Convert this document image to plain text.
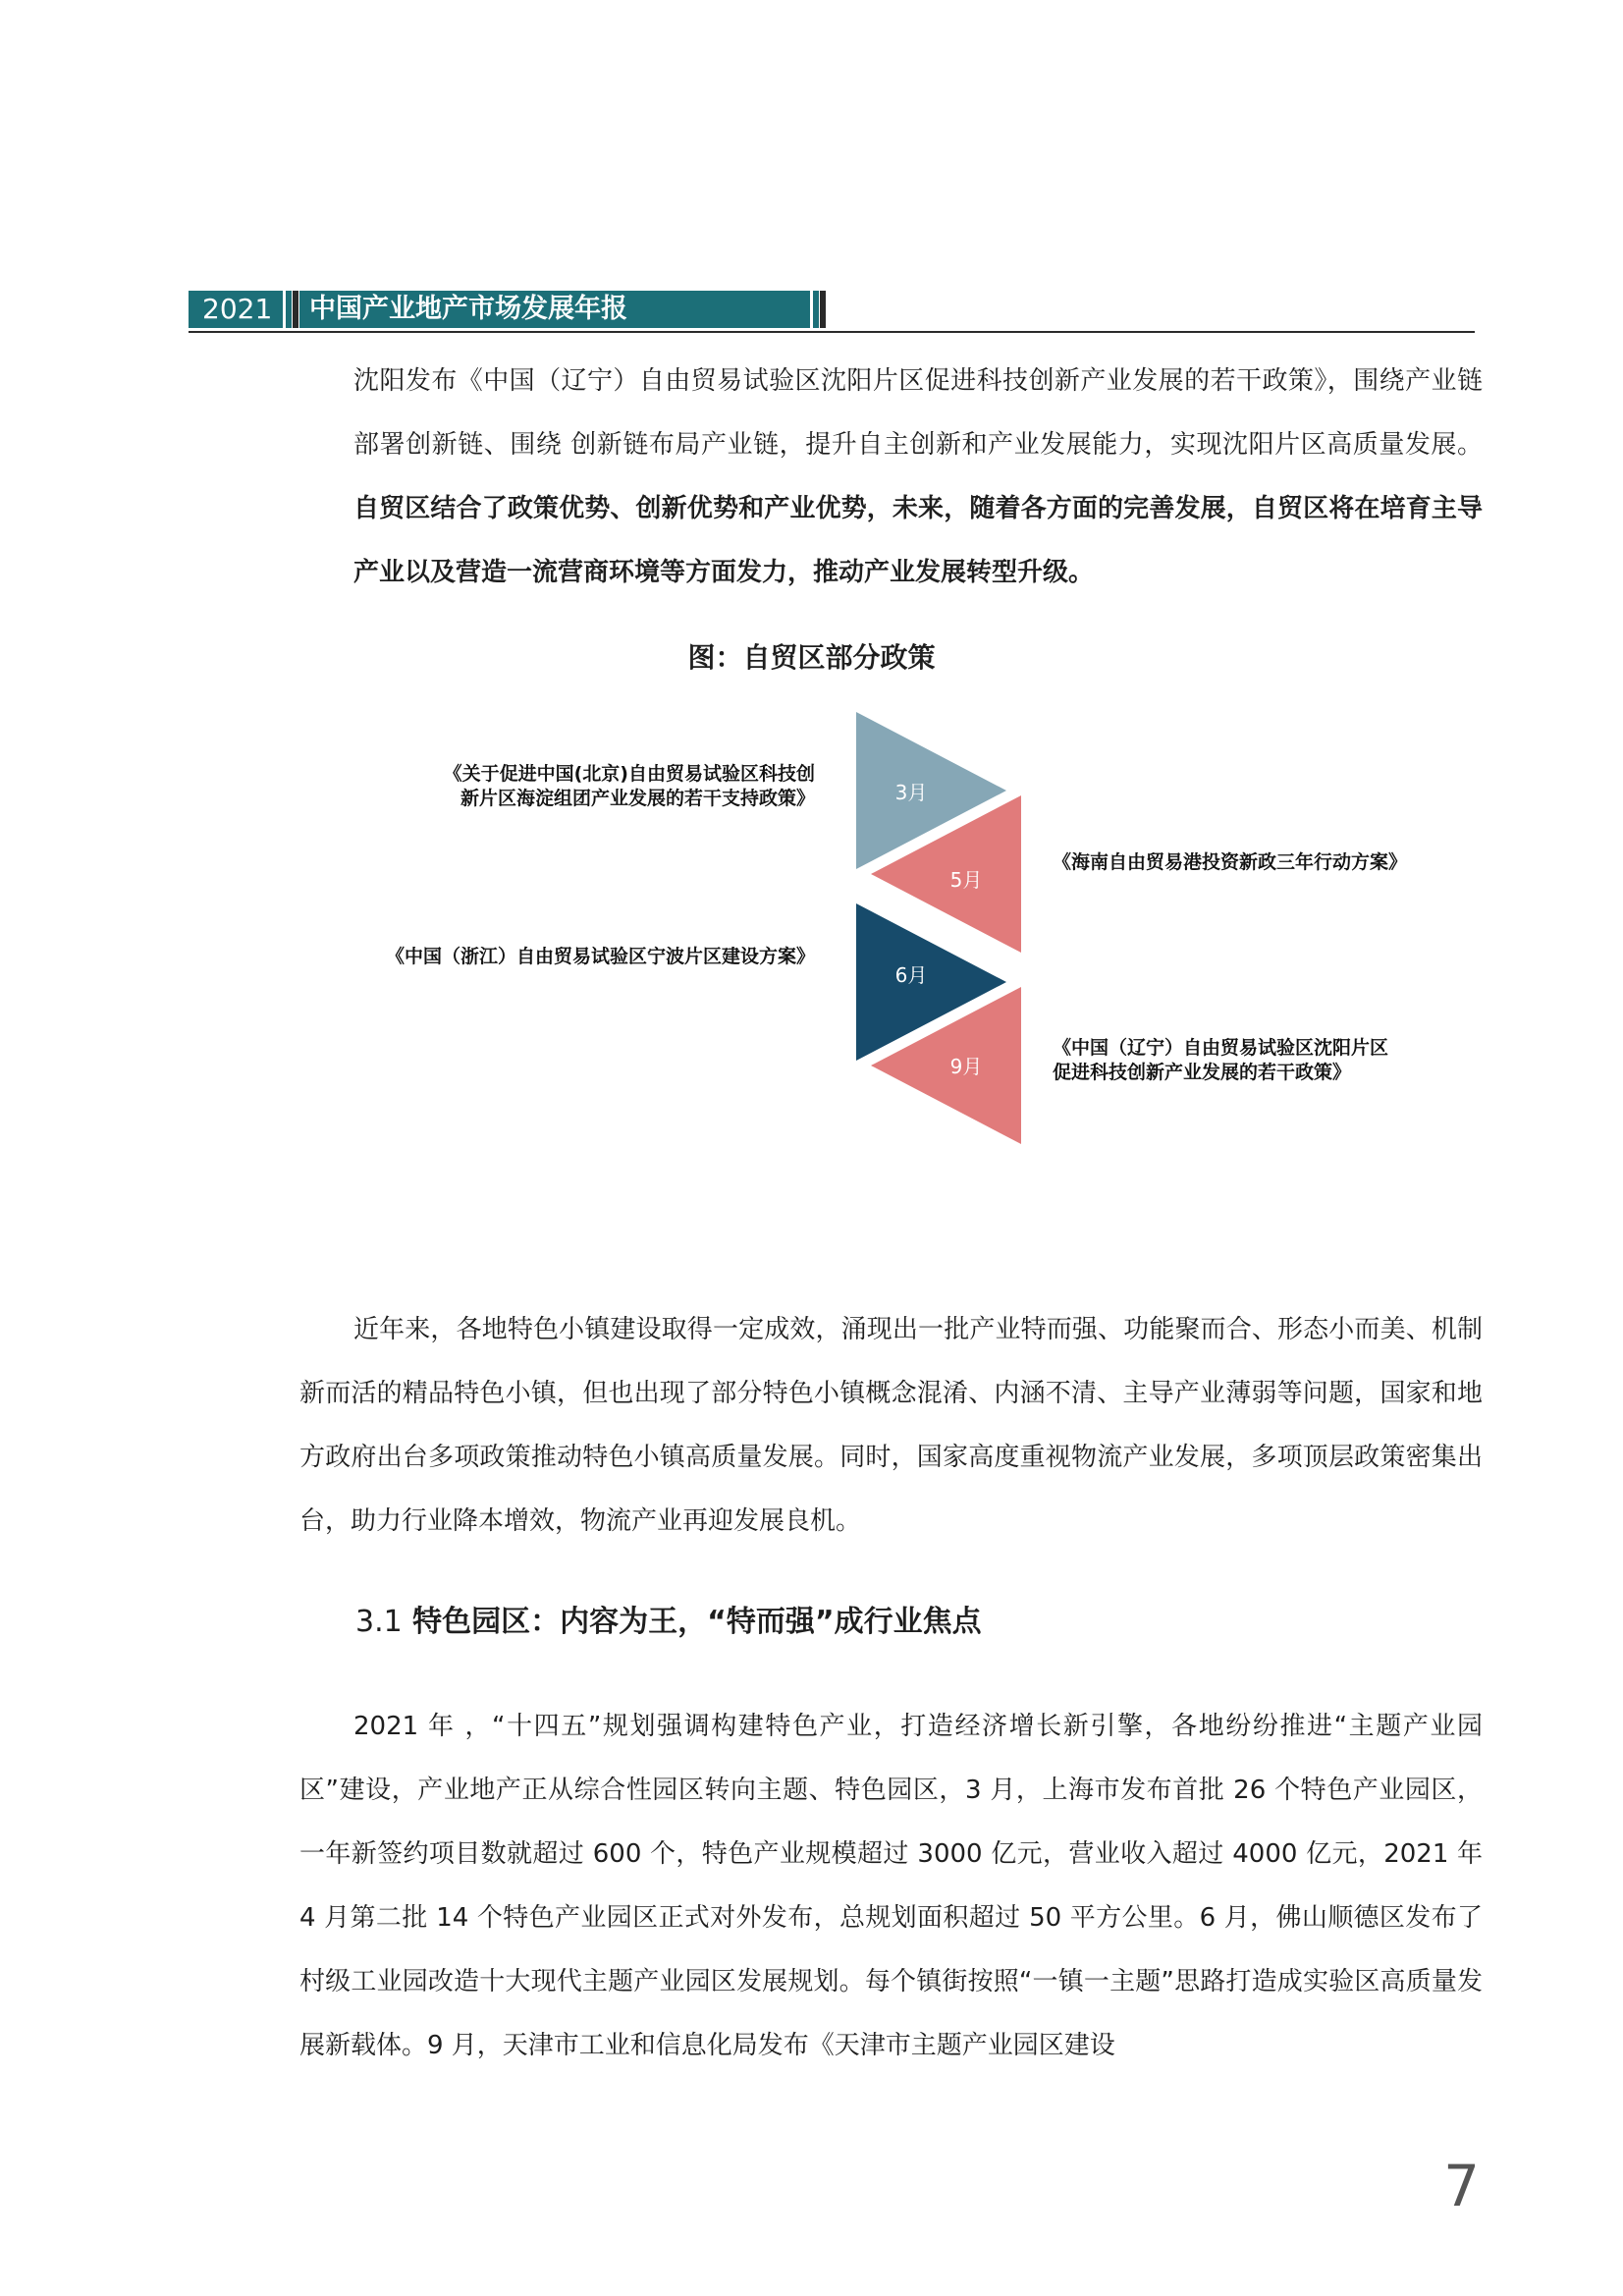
2021	中国产业地产市场发展年报

沈阳发布《中国（辽宁）自由贸易试验区沈阳片区促进科技创新产业发展的若干政策》，围绕产业链部署创新链、围绕 创新链布局产业链，提升自主创新和产业发展能力，实现沈阳片区高质量发展。自贸区结合了政策优势、创新优势和产业优势，未来，随着各方面的完善发展，自贸区将在培育主导产业以及营造一流营商环境等方面发力，推动产业发展转型升级。

图：自贸区部分政策
3月
5月
6月
9月
《关于促进中国(北京)自由贸易试验区科技创
新片区海淀组团产业发展的若干支持政策》
《海南自由贸易港投资新政三年行动方案》
《中国（浙江）自由贸易试验区宁波片区建设方案》
《中国（辽宁）自由贸易试验区沈阳片区
促进科技创新产业发展的若干政策》

近年来，各地特色小镇建设取得一定成效，涌现出一批产业特而强、功能聚而合、形态小而美、机制新而活的精品特色小镇，但也出现了部分特色小镇概念混淆、内涵不清、主导产业薄弱等问题，国家和地方政府出台多项政策推动特色小镇高质量发展。同时，国家高度重视物流产业发展，多项顶层政策密集出台，助力行业降本增效，物流产业再迎发展良机。

3.1 特色园区：内容为王，“特而强”成行业焦点

2021 年 ，“十四五”规划强调构建特色产业，打造经济增长新引擎，各地纷纷推进“主题产业园区”建设，产业地产正从综合性园区转向主题、特色园区，3 月，上海市发布首批 26 个特色产业园区，一年新签约项目数就超过 600 个，特色产业规模超过 3000 亿元，营业收入超过 4000 亿元，2021 年 4 月第二批 14 个特色产业园区正式对外发布，总规划面积超过 50 平方公里。6 月，佛山顺德区发布了村级工业园改造十大现代主题产业园区发展规划。每个镇街按照“一镇一主题”思路打造成实验区高质量发展新载体。9 月，天津市工业和信息化局发布《天津市主题产业园区建设

7
